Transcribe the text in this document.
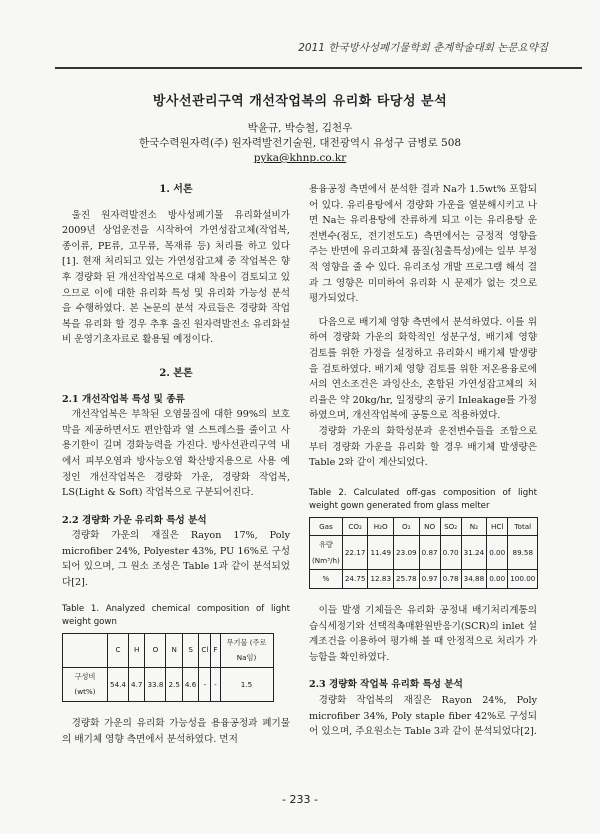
2011 한국방사성폐기물학회 춘계학술대회 논문요약집
방사선관리구역 개선작업복의 유리화 타당성 분석
박윤규, 박승철, 김천우
한국수력원자력(주) 원자력발전기술원, 대전광역시 유성구 금병로 508
pyka@khnp.co.kr
1. 서론

울진 원자력발전소 방사성폐기물 유리화설비가 2009년 상업운전을 시작하여 가연성잡고체(작업복, 종이류, PE류, 고무류, 목재류 등) 처리를 하고 있다[1]. 현재 처리되고 있는 가연성잡고체 중 작업복은 향후 경량화 된 개선작업복으로 대체 착용이 검토되고 있으므로 이에 대한 유리화 특성 및 유리화 가능성 분석을 수행하였다. 본 논문의 분석 자료들은 경량화 작업복을 유리화 할 경우 추후 울진 원자력발전소 유리화설비 운영기초자료로 활용될 예정이다.

2. 본론
2.1 개선작업복 특성 및 종류

개선작업복은 부착된 오염물질에 대한 99%의 보호막을 제공하면서도 편안함과 열 스트레스를 줄이고 사용기한이 길며 경화능력을 가진다. 방사선관리구역 내에서 피부오염과 방사능오염 확산방지용으로 사용 예정인 개선작업복은 경량화 가운, 경량화 작업복, LS(Light & Soft) 작업복으로 구분되어진다.

2.2 경량화 가운 유리화 특성 분석

경량화 가운의 재질은 Rayon 17%, Poly microfiber 24%, Polyester 43%, PU 16%로 구성되어 있으며, 그 원소 조성은 Table 1과 같이 분석되었다[2].

Table 1. Analyzed chemical composition of light weight gown

	C	H	O	N	S	Cl	F	무기물 (주로 Na임)
구성비 (wt%)	54.4	4.7	33.8	2.5	4.6	-	-	1.5

경량화 가운의 유리화 가능성을 용융공정과 폐기물의 배기체 영향 측면에서 분석하였다. 먼저

용융공정 측면에서 분석한 결과 Na가 1.5wt% 포함되어 있다. 유리용탕에서 경량화 가운을 열분해시키고 나면 Na는 유리용탕에 잔류하게 되고 이는 유리용탕 운전변수(점도, 전기전도도) 측면에서는 긍정적 영향을 주는 반면에 유리고화체 품질(침출특성)에는 일부 부정적 영향을 줄 수 있다. 유리조성 개발 프로그램 해석 결과 그 영향은 미미하여 유리화 시 문제가 없는 것으로 평가되었다.

다음으로 배기체 영향 측면에서 분석하였다. 이를 위하여 경량화 가운의 화학적인 성분구성, 배기체 영향 검토를 위한 가정을 설정하고 유리화시 배기체 발생량을 검토하였다. 배기체 영향 검토를 위한 저온용융로에서의 연소조건은 과잉산소, 혼합된 가연성잡고체의 처리율은 약 20kg/hr, 일정량의 공기 Inleakage를 가정하였으며, 개선작업복에 공통으로 적용하였다.

경량화 가운의 화학성분과 운전변수들을 조합으로 부터 경량화 가운을 유리화 할 경우 배기체 발생량은 Table 2와 같이 계산되었다.

Table 2. Calculated off-gas composition of light weight gown generated from glass melter

Gas	CO₂	H₂O	O₂	NO	SO₂	N₂	HCl	Total
유량 (Nm³/h)	22.17	11.49	23.09	0.87	0.70	31.24	0.00	89.58
%	24.75	12.83	25.78	0.97	0.78	34.88	0.00	100.00

이들 발생 기체들은 유리화 공정내 배기처리계통의 습식세정기와 선택적촉매환원반응기(SCR)의 inlet 설계조건을 이용하여 평가해 볼 때 안정적으로 처리가 가능함을 확인하였다.

2.3 경량화 작업복 유리화 특성 분석

경량화 작업복의 재질은 Rayon 24%, Poly microfiber 34%, Poly staple fiber 42%로 구성되어 있으며, 주요원소는 Table 3과 같이 분석되었다[2].

- 233 -
